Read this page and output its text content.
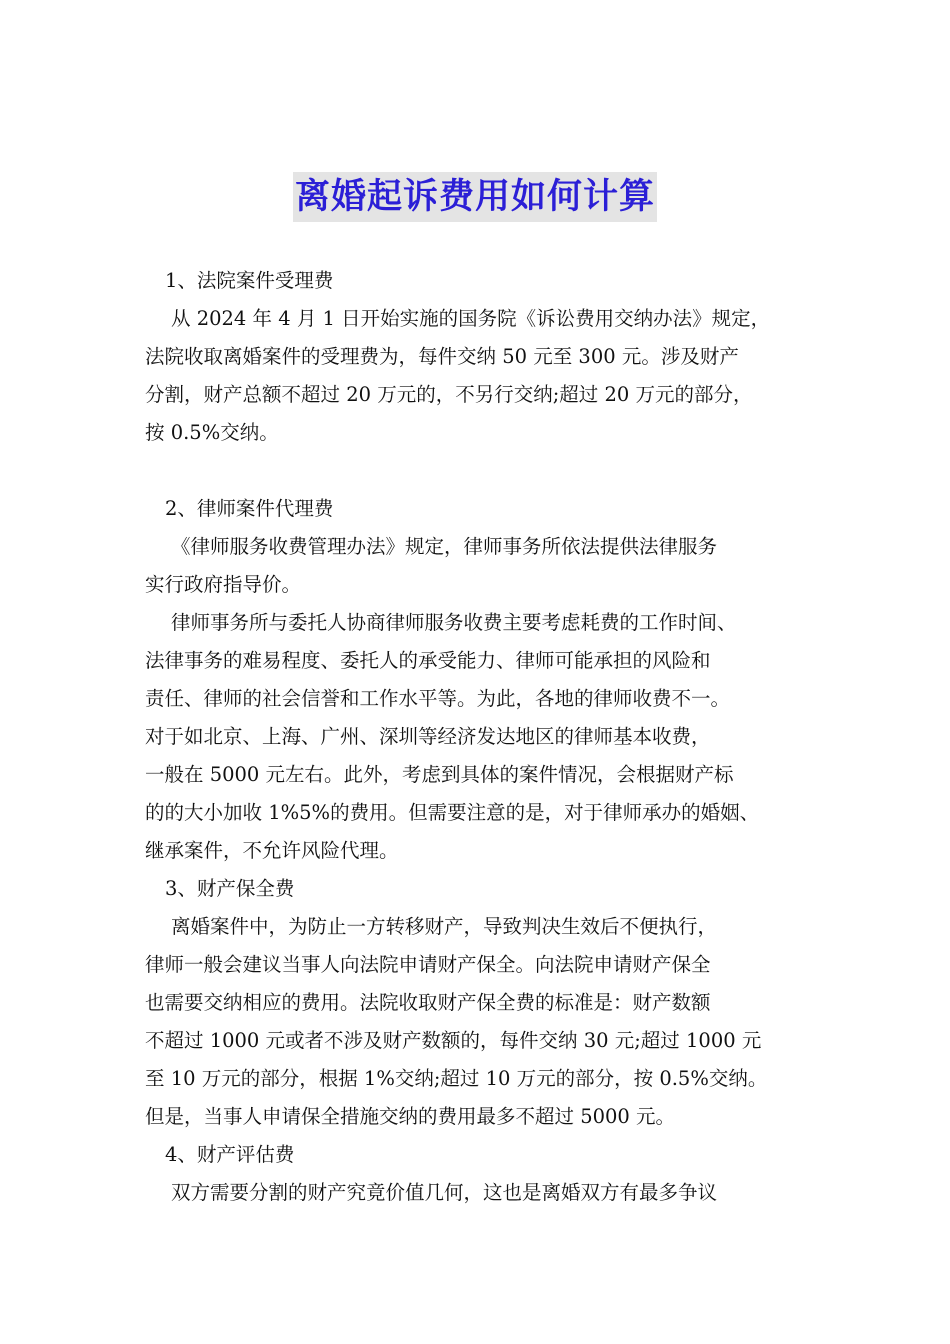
离婚起诉费用如何计算
1、法院案件受理费
从 2024 年 4 月 1 日开始实施的国务院《诉讼费用交纳办法》规定，
法院收取离婚案件的受理费为，每件交纳 50 元至 300 元。涉及财产
分割，财产总额不超过 20 万元的，不另行交纳;超过 20 万元的部分，
按 0.5%交纳。
2、律师案件代理费
《律师服务收费管理办法》规定，律师事务所依法提供法律服务
实行政府指导价。
律师事务所与委托人协商律师服务收费主要考虑耗费的工作时间、
法律事务的难易程度、委托人的承受能力、律师可能承担的风险和
责任、律师的社会信誉和工作水平等。为此，各地的律师收费不一。
对于如北京、上海、广州、深圳等经济发达地区的律师基本收费，
一般在 5000 元左右。此外，考虑到具体的案件情况，会根据财产标
的的大小加收 1%5%的费用。但需要注意的是，对于律师承办的婚姻、
继承案件，不允许风险代理。
3、财产保全费
离婚案件中，为防止一方转移财产，导致判决生效后不便执行，
律师一般会建议当事人向法院申请财产保全。向法院申请财产保全
也需要交纳相应的费用。法院收取财产保全费的标准是：财产数额
不超过 1000 元或者不涉及财产数额的，每件交纳 30 元;超过 1000 元
至 10 万元的部分，根据 1%交纳;超过 10 万元的部分，按 0.5%交纳。
但是，当事人申请保全措施交纳的费用最多不超过 5000 元。
4、财产评估费
双方需要分割的财产究竟价值几何，这也是离婚双方有最多争议
